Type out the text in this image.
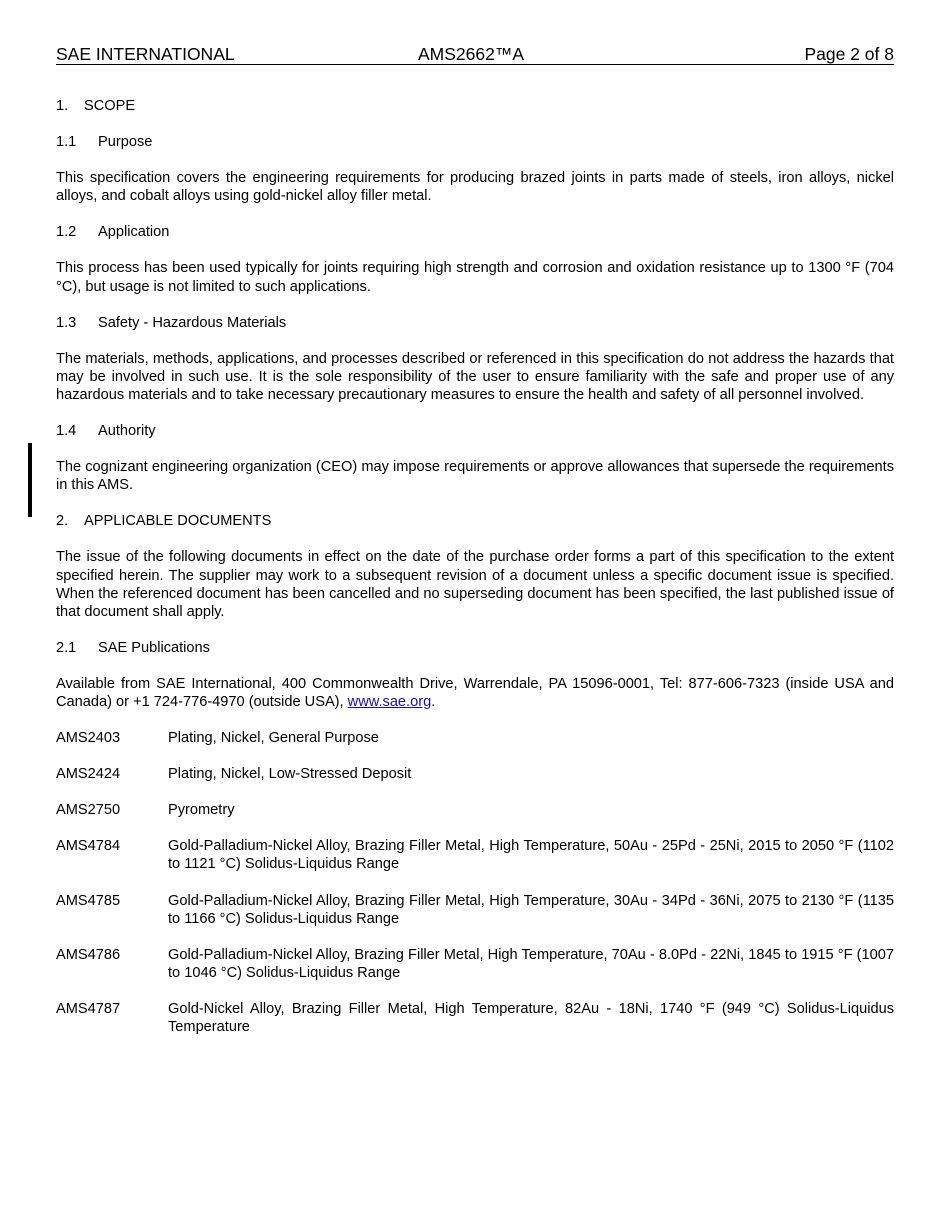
SAE INTERNATIONAL	AMS2662™A	Page 2 of 8
1. SCOPE
1.1 Purpose

This specification covers the engineering requirements for producing brazed joints in parts made of steels, iron alloys, nickel alloys, and cobalt alloys using gold-nickel alloy filler metal.

1.2 Application

This process has been used typically for joints requiring high strength and corrosion and oxidation resistance up to 1300 °F (704 °C), but usage is not limited to such applications.

1.3 Safety - Hazardous Materials

The materials, methods, applications, and processes described or referenced in this specification do not address the hazards that may be involved in such use. It is the sole responsibility of the user to ensure familiarity with the safe and proper use of any hazardous materials and to take necessary precautionary measures to ensure the health and safety of all personnel involved.

1.4 Authority

The cognizant engineering organization (CEO) may impose requirements or approve allowances that supersede the requirements in this AMS.

2. APPLICABLE DOCUMENTS

The issue of the following documents in effect on the date of the purchase order forms a part of this specification to the extent specified herein. The supplier may work to a subsequent revision of a document unless a specific document issue is specified. When the referenced document has been cancelled and no superseding document has been specified, the last published issue of that document shall apply.

2.1 SAE Publications

Available from SAE International, 400 Commonwealth Drive, Warrendale, PA 15096-0001, Tel: 877-606-7323 (inside USA and Canada) or +1 724-776-4970 (outside USA), www.sae.org.

AMS2403	Plating, Nickel, General Purpose
AMS2424	Plating, Nickel, Low-Stressed Deposit
AMS2750	Pyrometry
AMS4784	Gold-Palladium-Nickel Alloy, Brazing Filler Metal, High Temperature, 50Au - 25Pd - 25Ni, 2015 to 2050 °F (1102 to 1121 °C) Solidus-Liquidus Range
AMS4785	Gold-Palladium-Nickel Alloy, Brazing Filler Metal, High Temperature, 30Au - 34Pd - 36Ni, 2075 to 2130 °F (1135 to 1166 °C) Solidus-Liquidus Range
AMS4786	Gold-Palladium-Nickel Alloy, Brazing Filler Metal, High Temperature, 70Au - 8.0Pd - 22Ni, 1845 to 1915 °F (1007 to 1046 °C) Solidus-Liquidus Range
AMS4787	Gold-Nickel Alloy, Brazing Filler Metal, High Temperature, 82Au - 18Ni, 1740 °F (949 °C) Solidus-Liquidus Temperature
